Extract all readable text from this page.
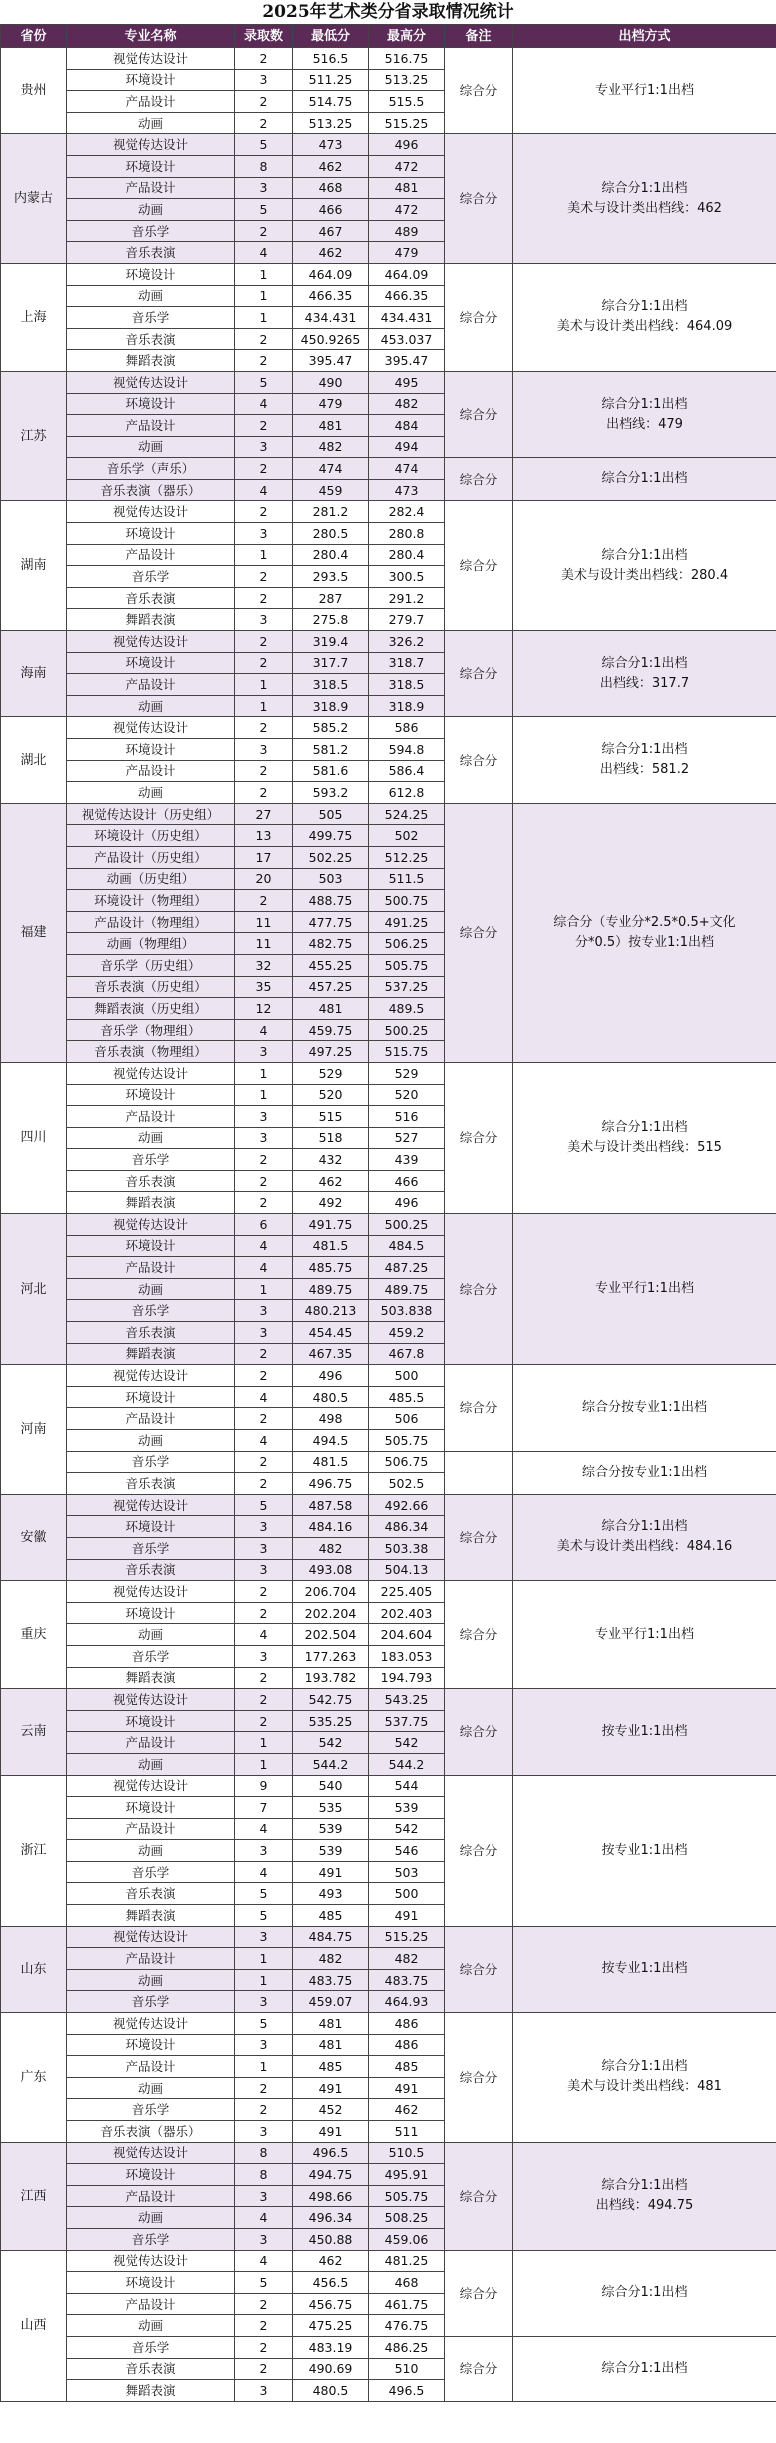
2025年艺术类分省录取情况统计
省份	专业名称	录取数	最低分	最高分	备注	出档方式
贵州	视觉传达设计	2	516.5	516.75	综合分	专业平行1:1出档

	环境设计	3	511.25	513.25		
	产品设计	2	514.75	515.5		
	动画	2	513.25	515.25		
内蒙古	视觉传达设计	5	473	496	综合分	综合分1:1出档
美术与设计类出档线：462

	环境设计	8	462	472		
	产品设计	3	468	481		
	动画	5	466	472		
	音乐学	2	467	489		
	音乐表演	4	462	479		
上海	环境设计	1	464.09	464.09	综合分	综合分1:1出档
美术与设计类出档线：464.09

	动画	1	466.35	466.35		
	音乐学	1	434.431	434.431		
	音乐表演	2	450.9265	453.037		
	舞蹈表演	2	395.47	395.47		
江苏	视觉传达设计	5	490	495	综合分	综合分1:1出档
出档线：479

	环境设计	4	479	482		
	产品设计	2	481	484		
	动画	3	482	494		
	音乐学（声乐）	2	474	474	综合分	综合分1:1出档

	音乐表演（器乐）	4	459	473		
湖南	视觉传达设计	2	281.2	282.4	综合分	综合分1:1出档
美术与设计类出档线：280.4

	环境设计	3	280.5	280.8		
	产品设计	1	280.4	280.4		
	音乐学	2	293.5	300.5		
	音乐表演	2	287	291.2		
	舞蹈表演	3	275.8	279.7		
海南	视觉传达设计	2	319.4	326.2	综合分	综合分1:1出档
出档线：317.7

	环境设计	2	317.7	318.7		
	产品设计	1	318.5	318.5		
	动画	1	318.9	318.9		
湖北	视觉传达设计	2	585.2	586	综合分	综合分1:1出档
出档线：581.2

	环境设计	3	581.2	594.8		
	产品设计	2	581.6	586.4		
	动画	2	593.2	612.8		
福建	视觉传达设计（历史组）	27	505	524.25	综合分	综合分（专业分*2.5*0.5+文化
分*0.5）按专业1:1出档

	环境设计（历史组）	13	499.75	502		
	产品设计（历史组）	17	502.25	512.25		
	动画（历史组）	20	503	511.5		
	环境设计（物理组）	2	488.75	500.75		
	产品设计（物理组）	11	477.75	491.25		
	动画（物理组）	11	482.75	506.25		
	音乐学（历史组）	32	455.25	505.75		
	音乐表演（历史组）	35	457.25	537.25		
	舞蹈表演（历史组）	12	481	489.5		
	音乐学（物理组）	4	459.75	500.25		
	音乐表演（物理组）	3	497.25	515.75		
四川	视觉传达设计	1	529	529	综合分	综合分1:1出档
美术与设计类出档线：515

	环境设计	1	520	520		
	产品设计	3	515	516		
	动画	3	518	527		
	音乐学	2	432	439		
	音乐表演	2	462	466		
	舞蹈表演	2	492	496		
河北	视觉传达设计	6	491.75	500.25	综合分	专业平行1:1出档

	环境设计	4	481.5	484.5		
	产品设计	4	485.75	487.25		
	动画	1	489.75	489.75		
	音乐学	3	480.213	503.838		
	音乐表演	3	454.45	459.2		
	舞蹈表演	2	467.35	467.8		
河南	视觉传达设计	2	496	500	综合分	综合分按专业1:1出档

	环境设计	4	480.5	485.5		
	产品设计	2	498	506		
	动画	4	494.5	505.75		
	音乐学	2	481.5	506.75		综合分按专业1:1出档

	音乐表演	2	496.75	502.5		
安徽	视觉传达设计	5	487.58	492.66	综合分	综合分1:1出档
美术与设计类出档线：484.16

	环境设计	3	484.16	486.34		
	音乐学	3	482	503.38		
	音乐表演	3	493.08	504.13		
重庆	视觉传达设计	2	206.704	225.405	综合分	专业平行1:1出档

	环境设计	2	202.204	202.403		
	动画	4	202.504	204.604		
	音乐学	3	177.263	183.053		
	舞蹈表演	2	193.782	194.793		
云南	视觉传达设计	2	542.75	543.25	综合分	按专业1:1出档

	环境设计	2	535.25	537.75		
	产品设计	1	542	542		
	动画	1	544.2	544.2		
浙江	视觉传达设计	9	540	544	综合分	按专业1:1出档

	环境设计	7	535	539		
	产品设计	4	539	542		
	动画	3	539	546		
	音乐学	4	491	503		
	音乐表演	5	493	500		
	舞蹈表演	5	485	491		
山东	视觉传达设计	3	484.75	515.25	综合分	按专业1:1出档

	产品设计	1	482	482		
	动画	1	483.75	483.75		
	音乐学	3	459.07	464.93		
广东	视觉传达设计	5	481	486	综合分	综合分1:1出档
美术与设计类出档线：481

	环境设计	3	481	486		
	产品设计	1	485	485		
	动画	2	491	491		
	音乐学	2	452	462		
	音乐表演（器乐）	3	491	511		
江西	视觉传达设计	8	496.5	510.5	综合分	综合分1:1出档
出档线：494.75

	环境设计	8	494.75	495.91		
	产品设计	3	498.66	505.75		
	动画	4	496.34	508.25		
	音乐学	3	450.88	459.06		
山西	视觉传达设计	4	462	481.25	综合分	综合分1:1出档

	环境设计	5	456.5	468		
	产品设计	2	456.75	461.75		
	动画	2	475.25	476.75		
	音乐学	2	483.19	486.25	综合分	综合分1:1出档

	音乐表演	2	490.69	510		
	舞蹈表演	3	480.5	496.5		
